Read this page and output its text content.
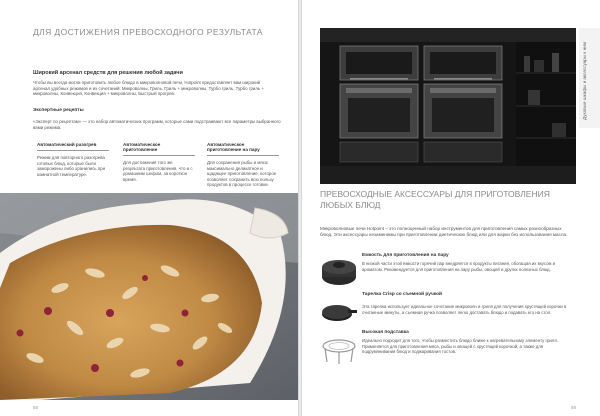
ДЛЯ ДОСТИЖЕНИЯ ПРЕВОСХОДНОГО РЕЗУЛЬТАТА
Широкий арсенал средств для решения любой задачи
Чтобы вы всегда могли приготовить любое блюдо в микроволновой печи, Hotpoint предоставляет вам широкий арсенал удобных режимов и их сочетаний: Микроволны, Гриль, Гриль + микроволны, Турбо гриль, Турбо гриль + микроволны, Конвекция, Конвекция + микроволны, Быстрый прогрев.
Экспертные рецепты
«Эксперт по рецептам» — это набор автоматических программ, которые сами подстраивают все параметры выбранного вами режима.
Автоматический разогрев
Режим для повторного разогрева готовых блюд, которые были заморожены либо хранились при комнатной температуре.
Автоматическое приготовление
Для достижения того же результата приготовления, что и с домашним шефом, за короткое время.
Автоматическое приготовление на пару
Для сохранения рыбы и мяса: максимально деликатное и щадящее приготовление, которое позволяет сохранить всю пользу продуктов в процессе готовки.
88
Духовые шкафы и аксессуары к ним
ПРЕВОСХОДНЫЕ АКСЕССУАРЫ ДЛЯ ПРИГОТОВЛЕНИЯ ЛЮБЫХ БЛЮД
Микроволновые печи Hotpoint – это полноценный набор инструментов для приготовления самых разнообразных блюд. Эти аксессуары незаменимы при приготовлении диетических блюд или для жарки без использования масла.
Емкость для приготовления на пару
В низкой части этой ёмкости горячий пар внедряется в продукты питания, обогащая их вкусом и ароматом. Рекомендуется для приготовления на пару рыбы, овощей и других полезных блюд.
Тарелка Crisp со съемной ручкой
Эта тарелка использует идеальное сочетание микроволн и гриля для получения хрустящей корочки в считанные минуты, а съемная ручка позволяет легко доставать блюдо и подавать его на стол.
Высокая подставка
Идеально подходит для того, чтобы разместить блюдо ближе к нагревательному элементу гриля. Применяется для приготовления мяса, рыбы и овощей с хрустящей корочкой, а также для подрумянивания блюд и поджаривания тостов.
89
